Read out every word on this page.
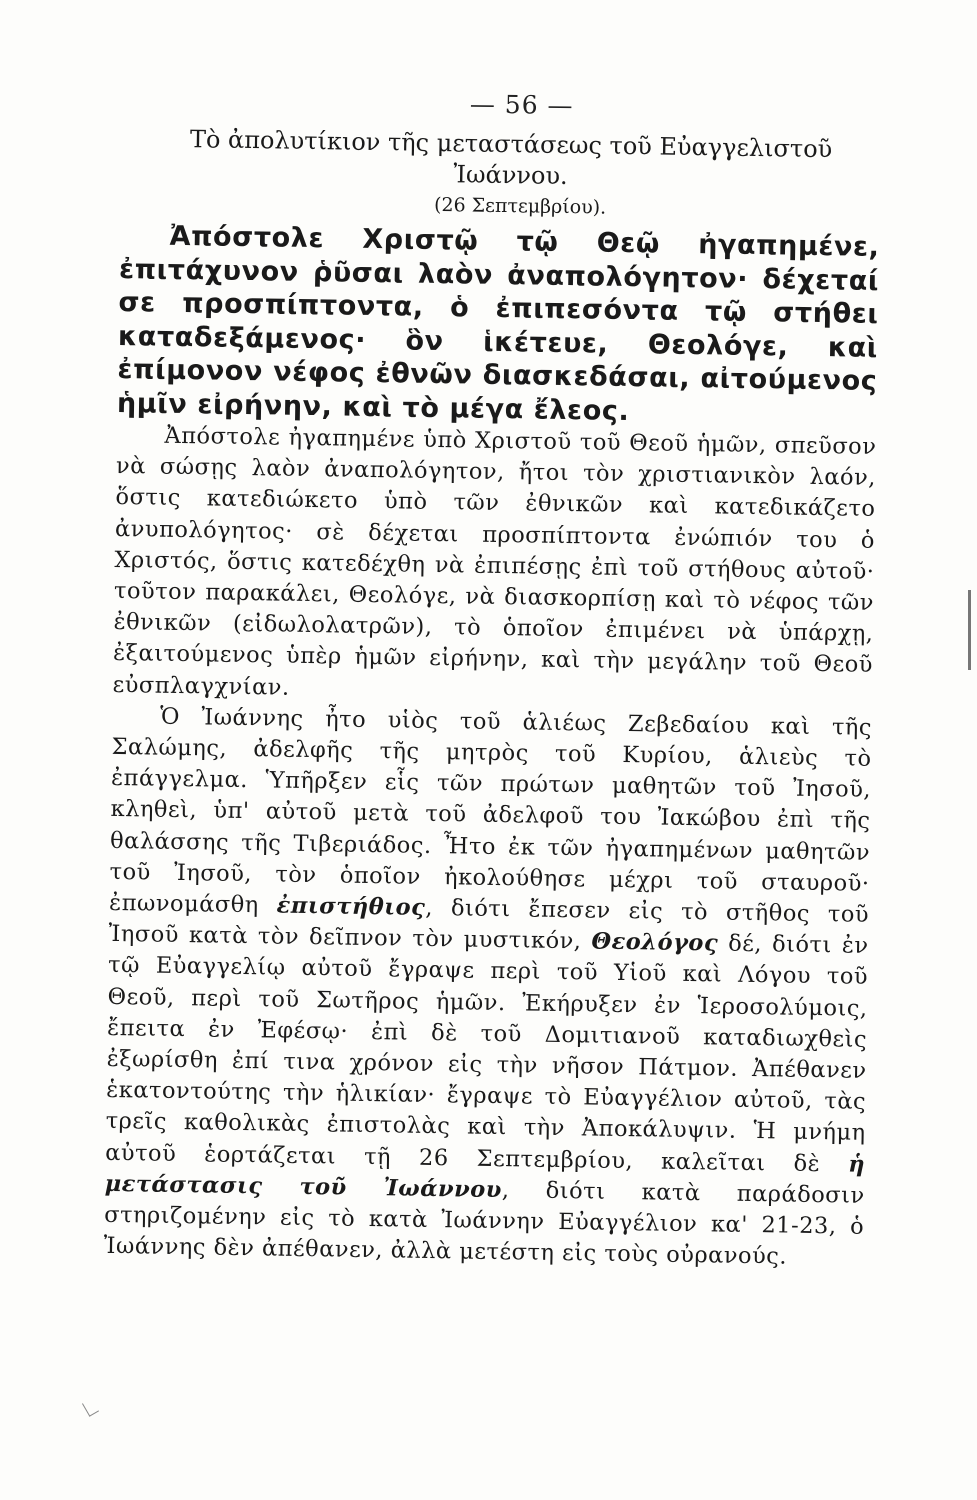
— 56 —
Τὸ ἀπολυτίκιον τῆς μεταστάσεως τοῦ Εὐαγγελιστοῦ Ἰωάννου.
(26 Σεπτεμβρίου).

Ἀπόστολε Χριστῷ τῷ Θεῷ ἠγαπημένε, ἐπιτάχυνον ῥῦσαι λαὸν ἀναπολόγητον· δέχεταί σε προσπίπτοντα, ὁ ἐπιπεσόντα τῷ στήθει καταδεξάμενος· ὃν ἱκέτευε, Θεολόγε, καὶ ἐπίμονον νέφος ἐθνῶν διασκεδάσαι, αἰτούμενος ἡμῖν εἰρήνην, καὶ τὸ μέγα ἔλεος.

Ἀπόστολε ἠγαπημένε ὑπὸ Χριστοῦ τοῦ Θεοῦ ἡμῶν, σπεῦσον νὰ σώσῃς λαὸν ἀναπολόγητον, ἤτοι τὸν χριστιανικὸν λαόν, ὅστις κατεδιώκετο ὑπὸ τῶν ἐθνικῶν καὶ κατεδικάζετο ἀνυπολόγητος· σὲ δέχεται προσπίπτοντα ἐνώπιόν του ὁ Χριστός, ὅστις κατεδέχθη νὰ ἐπιπέσῃς ἐπὶ τοῦ στήθους αὐτοῦ· τοῦτον παρακάλει, Θεολόγε, νὰ διασκορπίσῃ καὶ τὸ νέφος τῶν ἐθνικῶν (εἰδωλολατρῶν), τὸ ὁποῖον ἐπιμένει νὰ ὑπάρχῃ, ἐξαιτούμενος ὑπὲρ ἡμῶν εἰρήνην, καὶ τὴν μεγάλην τοῦ Θεοῦ εὐσπλαγχνίαν.

Ὁ Ἰωάννης ἦτο υἱὸς τοῦ ἁλιέως Ζεβεδαίου καὶ τῆς Σαλώμης, ἀδελφῆς τῆς μητρὸς τοῦ Κυρίου, ἁλιεὺς τὸ ἐπάγγελμα. Ὑπῆρξεν εἷς τῶν πρώτων μαθητῶν τοῦ Ἰησοῦ, κληθεὶ, ὑπ' αὐτοῦ μετὰ τοῦ ἀδελφοῦ του Ἰακώβου ἐπὶ τῆς θαλάσσης τῆς Τιβεριάδος. Ἦτο ἐκ τῶν ἠγαπημένων μαθητῶν τοῦ Ἰησοῦ, τὸν ὁποῖον ἠκολούθησε μέχρι τοῦ σταυροῦ· ἐπωνομάσθη ἐπιστήθιος, διότι ἔπεσεν εἰς τὸ στῆθος τοῦ Ἰησοῦ κατὰ τὸν δεῖπνον τὸν μυστικόν, Θεολόγος δέ, διότι ἐν τῷ Εὐαγγελίῳ αὐτοῦ ἔγραψε περὶ τοῦ Υἱοῦ καὶ Λόγου τοῦ Θεοῦ, περὶ τοῦ Σωτῆρος ἡμῶν. Ἐκήρυξεν ἐν Ἱεροσολύμοις, ἔπειτα ἐν Ἐφέσῳ· ἐπὶ δὲ τοῦ Δομιτιανοῦ καταδιωχθεὶς ἐξωρίσθη ἐπί τινα χρόνον εἰς τὴν νῆσον Πάτμον. Ἀπέθανεν ἑκατοντούτης τὴν ἡλικίαν· ἔγραψε τὸ Εὐαγγέλιον αὐτοῦ, τὰς τρεῖς καθολικὰς ἐπιστολὰς καὶ τὴν Ἀποκάλυψιν. Ἡ μνήμη αὐτοῦ ἑορτάζεται τῇ 26 Σεπτεμβρίου, καλεῖται δὲ ἡ μετάστασις τοῦ Ἰωάννου, διότι κατὰ παράδοσιν στηριζομένην εἰς τὸ κατὰ Ἰωάννην Εὐαγγέλιον κα' 21-23, ὁ Ἰωάννης δὲν ἀπέθανεν, ἀλλὰ μετέστη εἰς τοὺς οὐρανούς.
